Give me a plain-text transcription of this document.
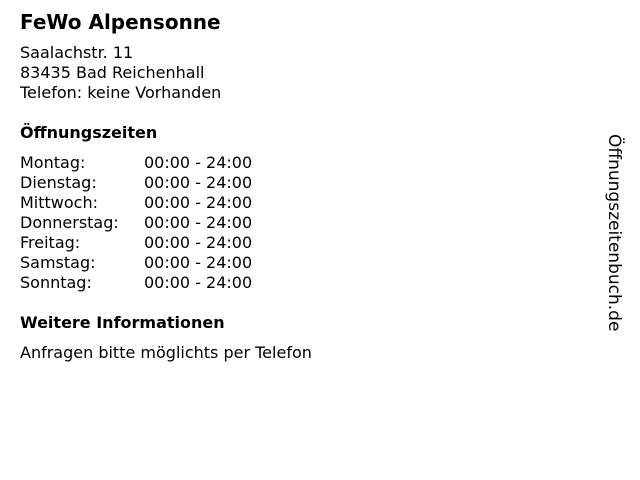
FeWo Alpensonne
Saalachstr. 11
83435 Bad Reichenhall
Telefon: keine Vorhanden
Öffnungszeiten
Montag:	00:00 - 24:00
Dienstag:	00:00 - 24:00
Mittwoch:	00:00 - 24:00
Donnerstag:	00:00 - 24:00
Freitag:	00:00 - 24:00
Samstag:	00:00 - 24:00
Sonntag:	00:00 - 24:00
Weitere Informationen
Anfragen bitte möglichts per Telefon
Öffnungszeitenbuch.de
